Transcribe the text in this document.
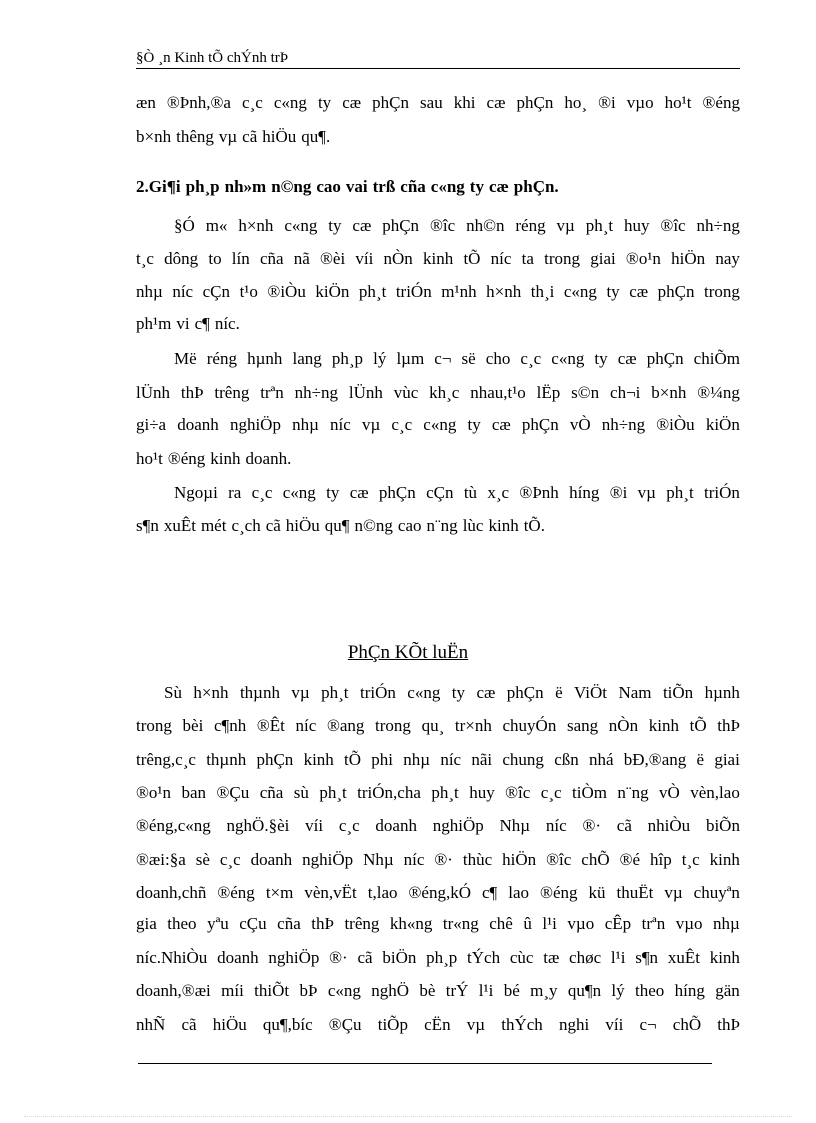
§Ò ¸n Kinh tÕ chÝnh trÞ
æn ®Þnh,®a c¸c c«ng ty cæ phÇn sau khi cæ phÇn ho¸ ®i vµo ho¹t ®éng
b×nh thêng vµ cã hiÖu qu¶.
2.Gi¶i ph¸p nh»m n©ng cao vai trß cña c«ng ty cæ phÇn.
§Ó m« h×nh c«ng ty cæ phÇn ®îc nh©n réng vµ ph¸t huy ®îc nh÷ng
t¸c dông to lín cña nã ®èi víi nÒn kinh tÕ níc ta trong giai ®o¹n hiÖn nay
nhµ níc cÇn t¹o ®iÒu kiÖn ph¸t triÓn m¹nh h×nh th¸i c«ng ty cæ phÇn trong
ph¹m vi c¶ níc.
Më réng hµnh lang ph¸p lý lµm c¬ së cho c¸c c«ng ty cæ phÇn chiÕm
lÜnh thÞ trêng trªn nh÷ng lÜnh vùc kh¸c nhau,t¹o lËp s©n ch¬i b×nh ®¼ng
gi÷a doanh nghiÖp nhµ níc vµ c¸c c«ng ty cæ phÇn vÒ nh÷ng ®iÒu kiÖn
ho¹t ®éng kinh doanh.
Ngoµi ra c¸c c«ng ty cæ phÇn cÇn tù x¸c ®Þnh híng ®i vµ ph¸t triÓn
s¶n xuÊt mét c¸ch cã hiÖu qu¶ n©ng cao n¨ng lùc kinh tÕ.
PhÇn KÕt luËn
Sù h×nh thµnh vµ ph¸t triÓn c«ng ty cæ phÇn ë ViÖt Nam tiÕn hµnh
trong bèi c¶nh ®Êt níc ®ang trong qu¸ tr×nh chuyÓn sang nÒn kinh tÕ thÞ
trêng,c¸c thµnh phÇn kinh tÕ phi nhµ níc nãi chung cßn nhá bÐ,®ang ë giai
®o¹n ban ®Çu cña sù ph¸t triÓn,cha ph¸t huy ®îc c¸c tiÒm n¨ng vÒ vèn,lao
®éng,c«ng nghÖ.§èi víi c¸c doanh nghiÖp Nhµ níc ®· cã nhiÒu biÕn
®æi:§a sè c¸c doanh nghiÖp Nhµ níc ®· thùc hiÖn ®îc chÕ ®é hîp t¸c kinh
doanh,chñ ®éng t×m vèn,vËt t,lao ®éng,kÓ c¶ lao ®éng kü thuËt vµ chuyªn
gia theo yªu cÇu cña thÞ trêng kh«ng tr«ng chê û l¹i vµo cÊp trªn vµo nhµ
níc.NhiÒu doanh nghiÖp ®· cã biÖn ph¸p tÝch cùc tæ chøc l¹i s¶n xuÊt kinh
doanh,®æi míi thiÕt bÞ c«ng nghÖ bè trÝ l¹i bé m¸y qu¶n lý theo híng gän
nhÑ cã hiÖu qu¶,bíc ®Çu tiÕp cËn vµ thÝch nghi víi c¬ chÕ thÞ
